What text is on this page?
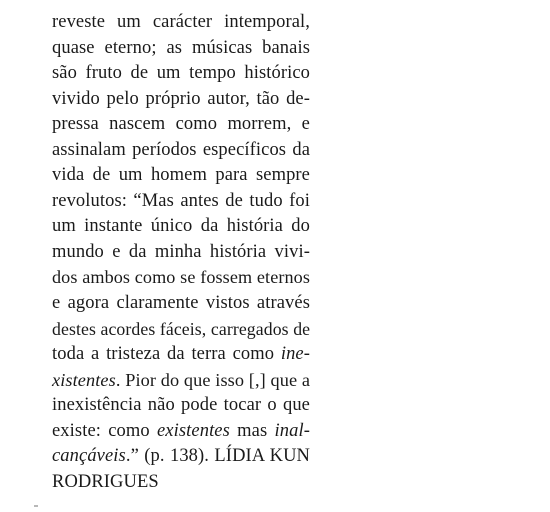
reveste um carácter intemporal,
quase eterno; as músicas banais
são fruto de um tempo histórico
vivido pelo próprio autor, tão de-
pressa nascem como morrem, e
assinalam períodos específicos da
vida de um homem para sempre
revolutos: “Mas antes de tudo foi
um instante único da história do
mundo e da minha história vivi-
dos ambos como se fossem eternos
e agora claramente vistos através
destes acordes fáceis, carregados de
toda a tristeza da terra como ine-
xistentes. Pior do que isso [,] que a
inexistência não pode tocar o que
existe: como existentes mas inal-
cançáveis.” (p. 138). LÍDIA KUN
RODRIGUES
